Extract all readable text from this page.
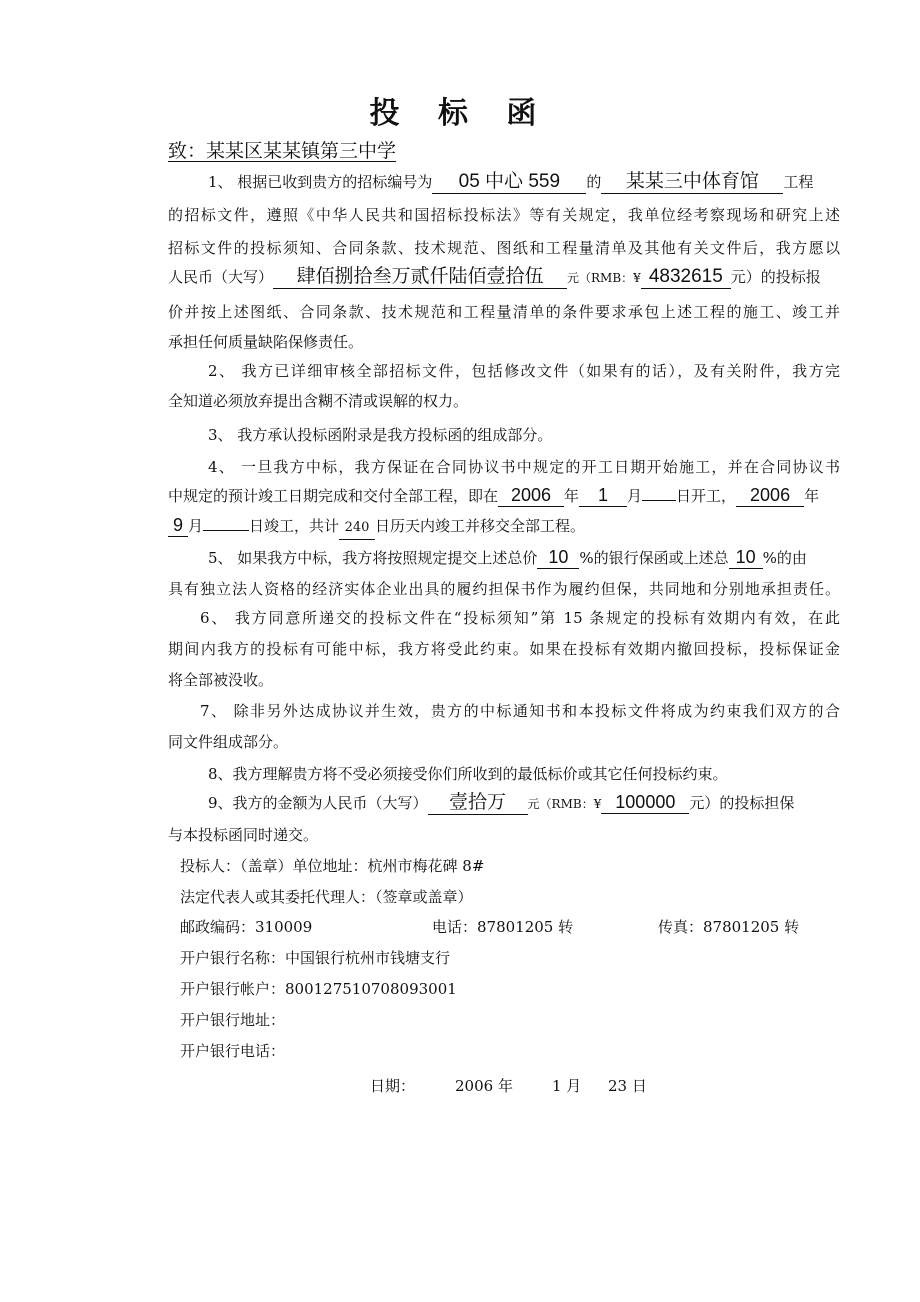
投 标 函
致：某某区某某镇第三中学
1、 根据已收到贵方的招标编号为 05 中心 559 的 某某三中体育馆 工程
的招标文件，遵照《中华人民共和国招标投标法》等有关规定，我单位经考察现场和研究上述
招标文件的投标须知、合同条款、技术规范、图纸和工程量清单及其他有关文件后，我方愿以
人民币（大写） 肆佰捌拾叁万贰仟陆佰壹拾伍 元（RMB：¥ 4832615 元）的投标报
价并按上述图纸、合同条款、技术规范和工程量清单的条件要求承包上述工程的施工、竣工并
承担任何质量缺陷保修责任。
2、 我方已详细审核全部招标文件，包括修改文件（如果有的话），及有关附件，我方完
全知道必须放弃提出含糊不清或误解的权力。
3、 我方承认投标函附录是我方投标函的组成部分。
4、 一旦我方中标，我方保证在合同协议书中规定的开工日期开始施工，并在合同协议书
中规定的预计竣工日期完成和交付全部工程，即在 2006 年 1 月 日开工， 2006 年
9 月	日竣工，共计 240 日历天内竣工并移交全部工程。
5、 如果我方中标，我方将按照规定提交上述总价 10 %的银行保函或上述总 10 %的由
具有独立法人资格的经济实体企业出具的履约担保书作为履约但保，共同地和分别地承担责任。
6、 我方同意所递交的投标文件在“投标须知”第 15 条规定的投标有效期内有效，在此
期间内我方的投标有可能中标，我方将受此约束。如果在投标有效期内撤回投标，投标保证金
将全部被没收。
7、 除非另外达成协议并生效，贵方的中标通知书和本投标文件将成为约束我们双方的合
同文件组成部分。
8、我方理解贵方将不受必须接受你们所收到的最低标价或其它任何投标约束。
9、我方的金额为人民币（大写） 壹拾万 元（RMB：¥ 100000 元）的投标担保
与本投标函同时递交。
投标人：（盖章）单位地址：杭州市梅花碑 8#
法定代表人或其委托代理人：（签章或盖章）
邮政编码：310009	电话：87801205 转	传真：87801205 转
开户银行名称：中国银行杭州市钱塘支行
开户银行帐户：800127510708093001
开户银行地址：
开户银行电话：
日期：	2006 年	1 月 23 日
